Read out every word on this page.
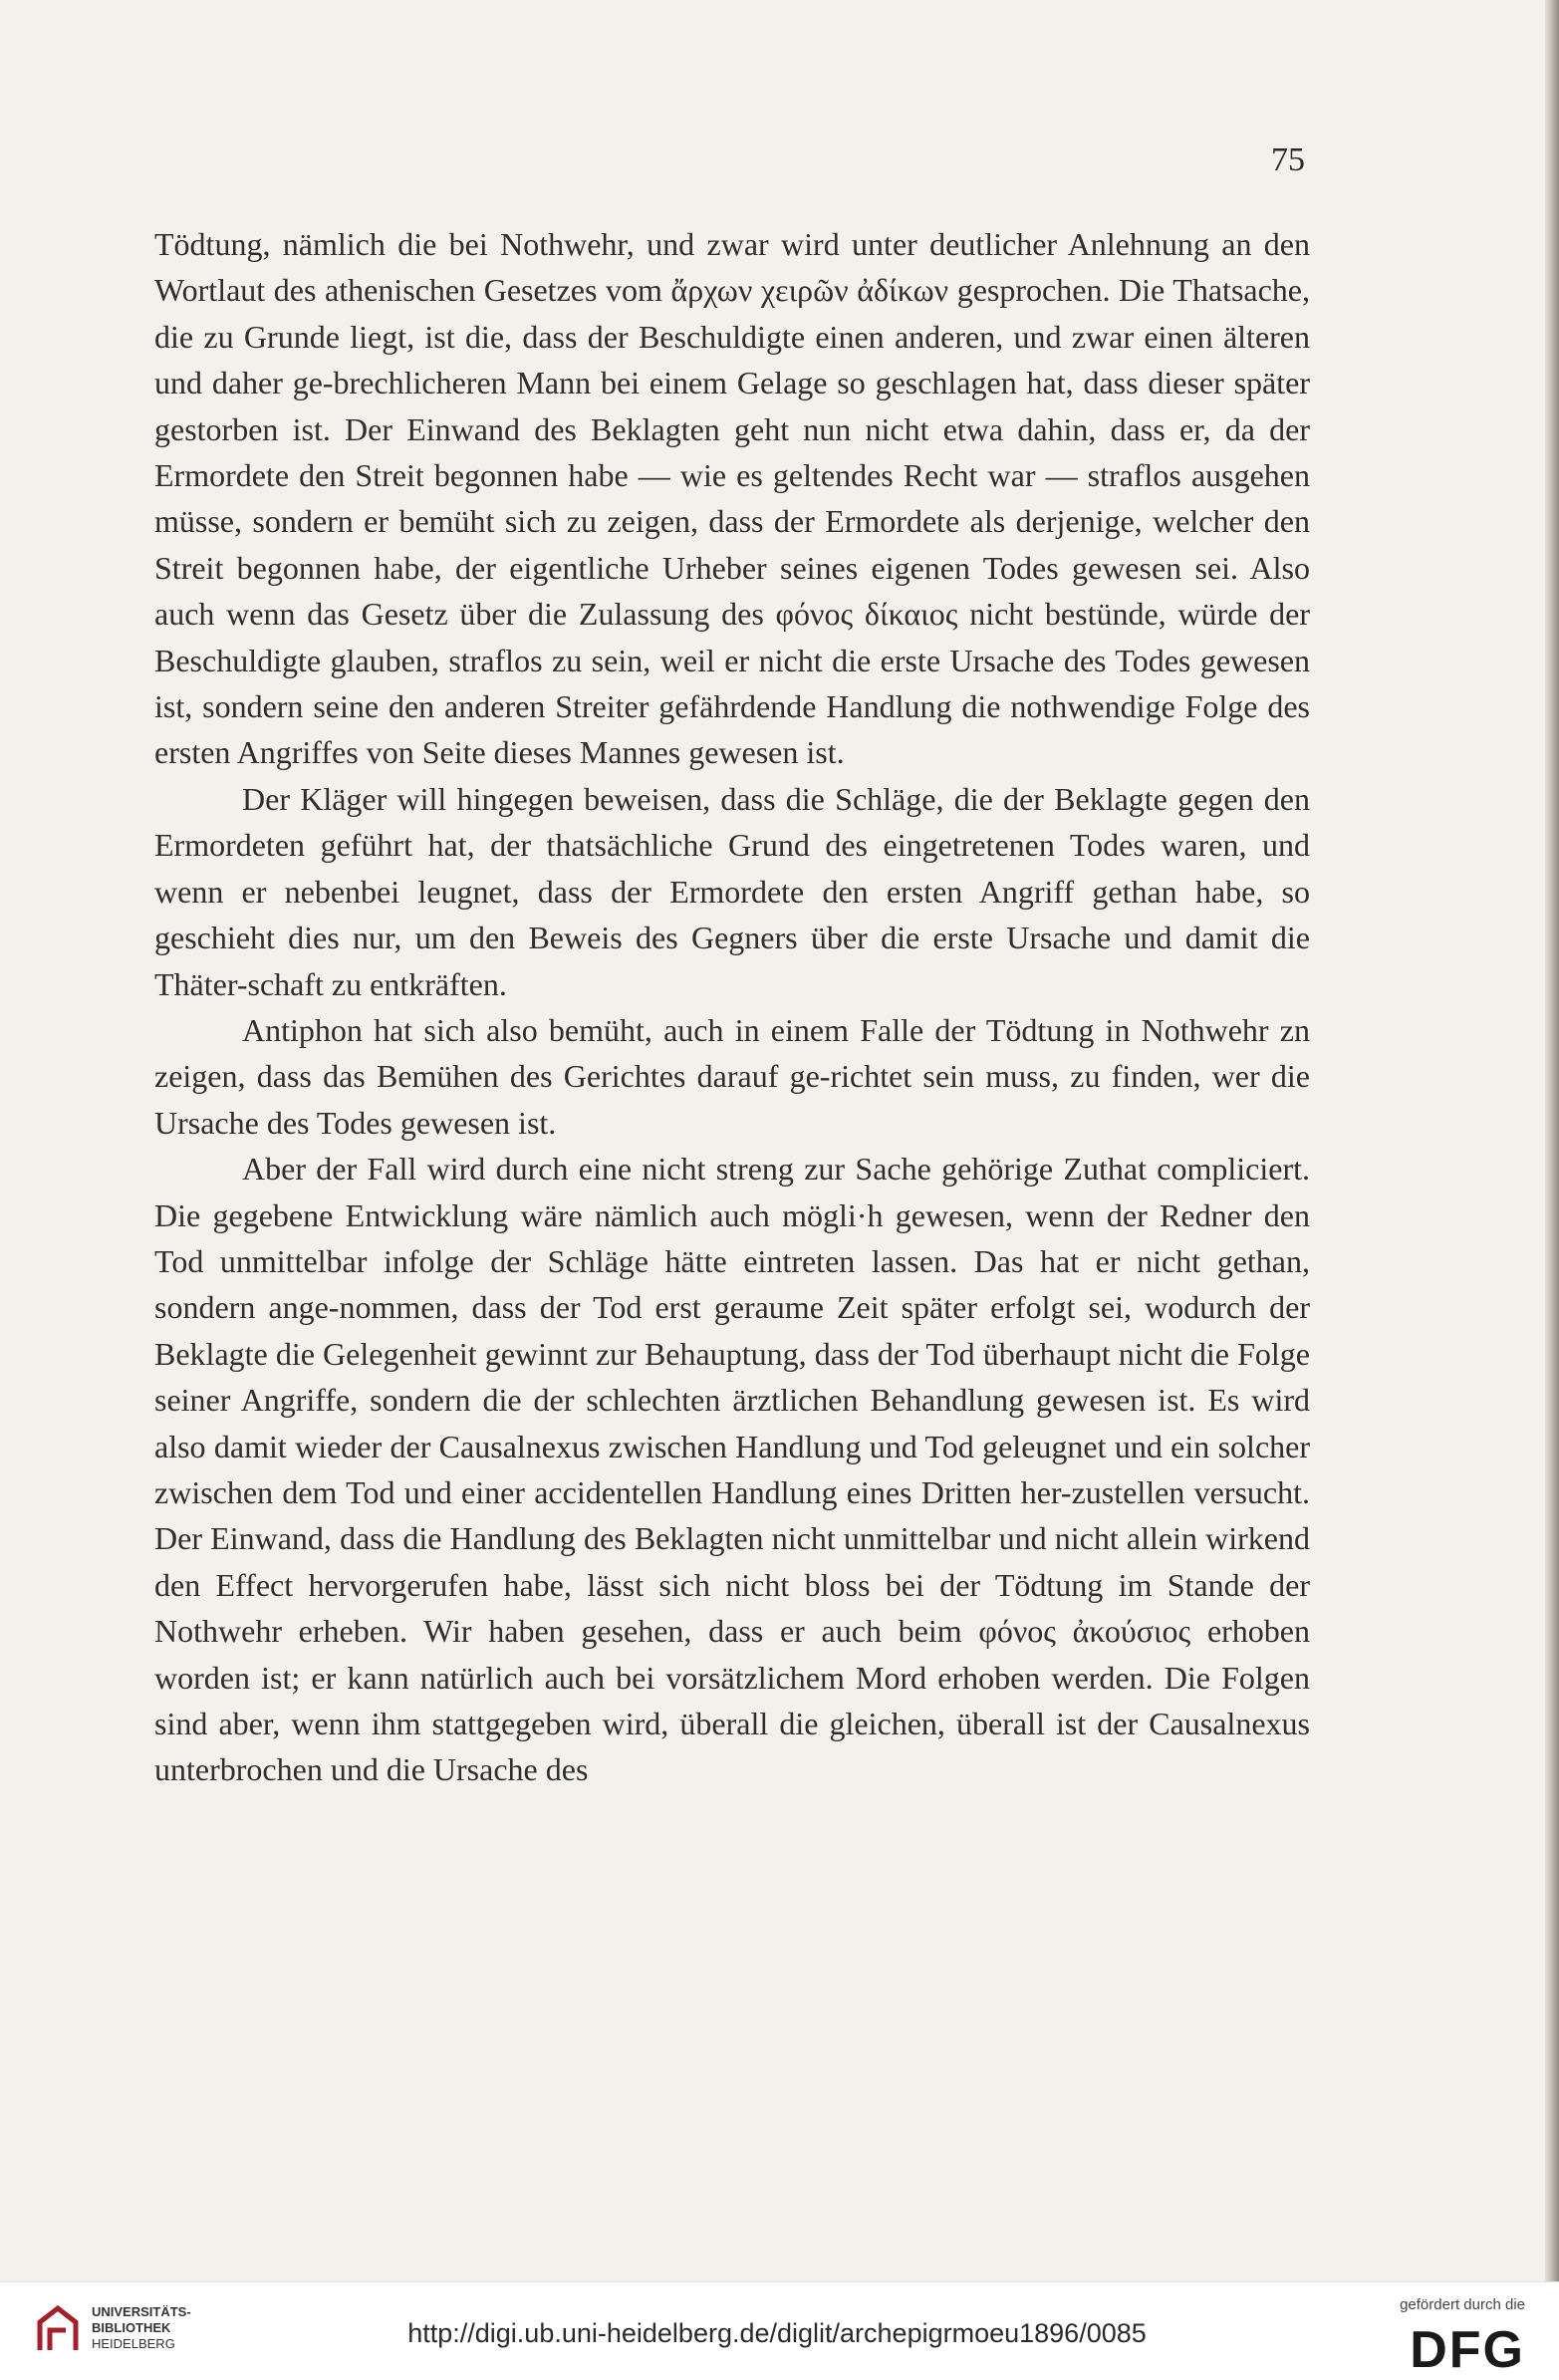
75

Tödtung, nämlich die bei Nothwehr, und zwar wird unter deutlicher Anlehnung an den Wortlaut des athenischen Gesetzes vom ἄρχων χειρῶν ἀδίκων gesprochen. Die Thatsache, die zu Grunde liegt, ist die, dass der Beschuldigte einen anderen, und zwar einen älteren und daher ge-brechlicheren Mann bei einem Gelage so geschlagen hat, dass dieser später gestorben ist. Der Einwand des Beklagten geht nun nicht etwa dahin, dass er, da der Ermordete den Streit begonnen habe — wie es geltendes Recht war — straflos ausgehen müsse, sondern er bemüht sich zu zeigen, dass der Ermordete als derjenige, welcher den Streit begonnen habe, der eigentliche Urheber seines eigenen Todes gewesen sei. Also auch wenn das Gesetz über die Zulassung des φόνος δίκαιος nicht bestünde, würde der Beschuldigte glauben, straflos zu sein, weil er nicht die erste Ursache des Todes gewesen ist, sondern seine den anderen Streiter gefährdende Handlung die nothwendige Folge des ersten Angriffes von Seite dieses Mannes gewesen ist.

Der Kläger will hingegen beweisen, dass die Schläge, die der Beklagte gegen den Ermordeten geführt hat, der thatsächliche Grund des eingetretenen Todes waren, und wenn er nebenbei leugnet, dass der Ermordete den ersten Angriff gethan habe, so geschieht dies nur, um den Beweis des Gegners über die erste Ursache und damit die Thäter-schaft zu entkräften.

Antiphon hat sich also bemüht, auch in einem Falle der Tödtung in Nothwehr zn zeigen, dass das Bemühen des Gerichtes darauf ge-richtet sein muss, zu finden, wer die Ursache des Todes gewesen ist.

Aber der Fall wird durch eine nicht streng zur Sache gehörige Zuthat compliciert. Die gegebene Entwicklung wäre nämlich auch mögli·h gewesen, wenn der Redner den Tod unmittelbar infolge der Schläge hätte eintreten lassen. Das hat er nicht gethan, sondern ange-nommen, dass der Tod erst geraume Zeit später erfolgt sei, wodurch der Beklagte die Gelegenheit gewinnt zur Behauptung, dass der Tod überhaupt nicht die Folge seiner Angriffe, sondern die der schlechten ärztlichen Behandlung gewesen ist. Es wird also damit wieder der Causalnexus zwischen Handlung und Tod geleugnet und ein solcher zwischen dem Tod und einer accidentellen Handlung eines Dritten her-zustellen versucht. Der Einwand, dass die Handlung des Beklagten nicht unmittelbar und nicht allein wirkend den Effect hervorgerufen habe, lässt sich nicht bloss bei der Tödtung im Stande der Nothwehr erheben. Wir haben gesehen, dass er auch beim φόνος ἀκούσιος erhoben worden ist; er kann natürlich auch bei vorsätzlichem Mord erhoben werden. Die Folgen sind aber, wenn ihm stattgegeben wird, überall die gleichen, überall ist der Causalnexus unterbrochen und die Ursache des

UNIVERSITÄTS-
BIBLIOTHEK
HEIDELBERG	http://digi.ub.uni-heidelberg.de/diglit/archepigrmoeu1896/0085
gefördert durch die
DFG
